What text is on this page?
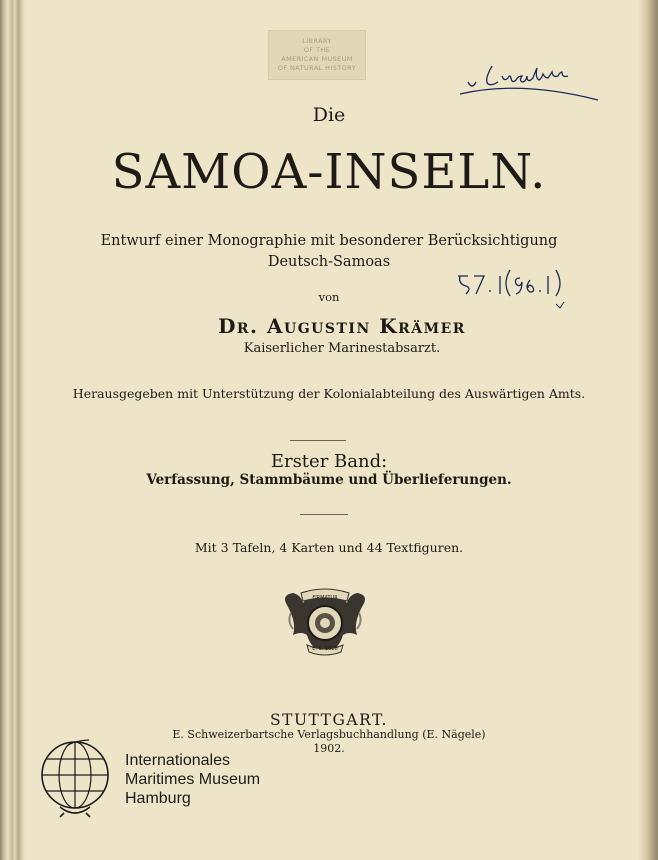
LIBRARY
OF THE
AMERICAN MUSEUM
OF NATURAL HISTORY
Die
SAMOA-INSELN.
Entwurf einer Monographie mit besonderer Berücksichtigung
Deutsch-Samoas
von
Dr. Augustin Krämer
Kaiserlicher Marinestabsarzt.
Herausgegeben mit Unterstützung der Kolonialabteilung des Auswärtigen Amts.
Erster Band:
Verfassung, Stammbäume und Überlieferungen.
Mit 3 Tafeln, 4 Karten und 44 Textfiguren.
FIRMATUR
E. S. 1826
STUTTGART.
E. Schweizerbartsche Verlagsbuchhandlung (E. Nägele)
1902.
Internationales
Maritimes Museum
Hamburg
